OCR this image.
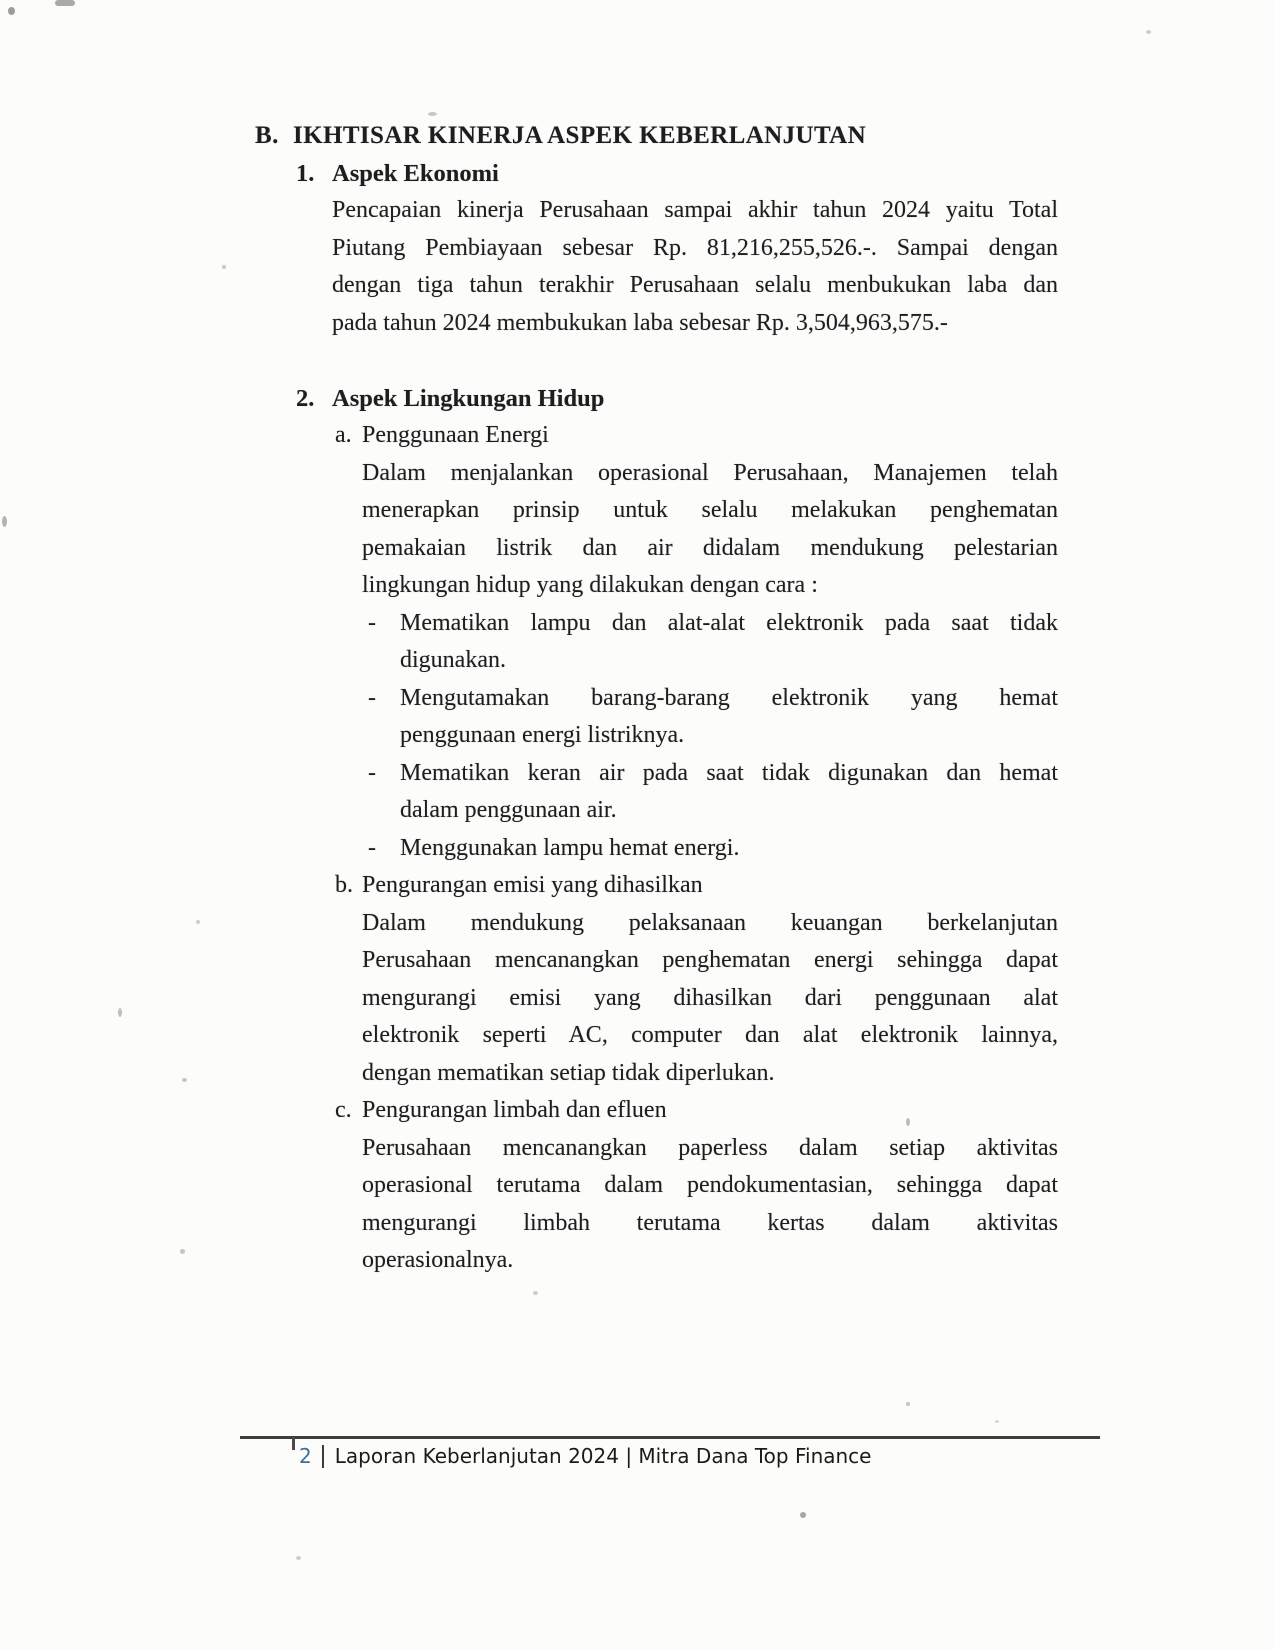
B. IKHTISAR KINERJA ASPEK KEBERLANJUTAN
1. Aspek Ekonomi
Pencapaian kinerja Perusahaan sampai akhir tahun 2024 yaitu Total
Piutang Pembiayaan sebesar Rp. 81,216,255,526.-. Sampai dengan
dengan tiga tahun terakhir Perusahaan selalu menbukukan laba dan
pada tahun 2024 membukukan laba sebesar Rp. 3,504,963,575.-
2. Aspek Lingkungan Hidup
a. Penggunaan Energi
Dalam menjalankan operasional Perusahaan, Manajemen telah
menerapkan prinsip untuk selalu melakukan penghematan
pemakaian listrik dan air didalam mendukung pelestarian
lingkungan hidup yang dilakukan dengan cara :
-	Mematikan lampu dan alat-alat elektronik pada saat tidak
digunakan.
-	Mengutamakan barang-barang elektronik yang hemat
penggunaan energi listriknya.
-	Mematikan keran air pada saat tidak digunakan dan hemat
dalam penggunaan air.
-	Menggunakan lampu hemat energi.
b. Pengurangan emisi yang dihasilkan
Dalam mendukung pelaksanaan keuangan berkelanjutan
Perusahaan mencanangkan penghematan energi sehingga dapat
mengurangi emisi yang dihasilkan dari penggunaan alat
elektronik seperti AC, computer dan alat elektronik lainnya,
dengan mematikan setiap tidak diperlukan.
c. Pengurangan limbah dan efluen
Perusahaan mencanangkan paperless dalam setiap aktivitas
operasional terutama dalam pendokumentasian, sehingga dapat
mengurangi limbah terutama kertas dalam aktivitas
operasionalnya.
2 Laporan Keberlanjutan 2024 | Mitra Dana Top Finance
